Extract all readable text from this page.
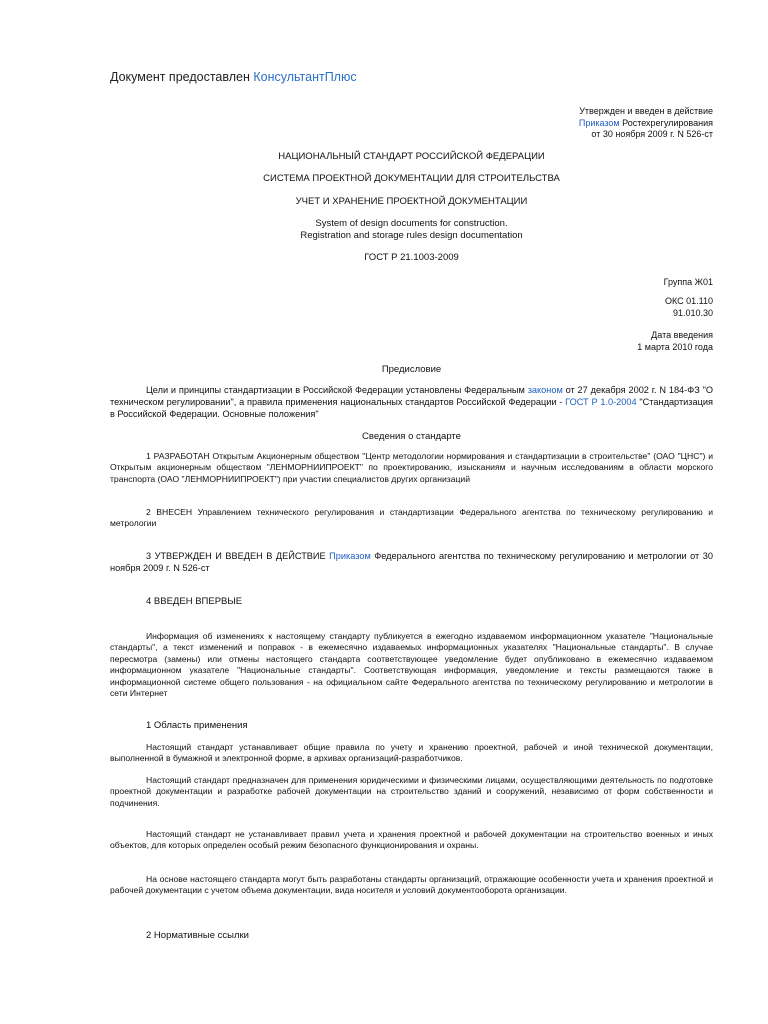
Документ предоставлен КонсультантПлюс
Утвержден и введен в действие
Приказом Ростехрегулирования
от 30 ноября 2009 г. N 526-ст
НАЦИОНАЛЬНЫЙ СТАНДАРТ РОССИЙСКОЙ ФЕДЕРАЦИИ
СИСТЕМА ПРОЕКТНОЙ ДОКУМЕНТАЦИИ ДЛЯ СТРОИТЕЛЬСТВА
УЧЕТ И ХРАНЕНИЕ ПРОЕКТНОЙ ДОКУМЕНТАЦИИ
System of design documents for construction.
Registration and storage rules design documentation
ГОСТ Р 21.1003-2009
Группа Ж01
ОКС 01.110
91.010.30
Дата введения
1 марта 2010 года
Предисловие
Цели и принципы стандартизации в Российской Федерации установлены Федеральным законом от 27 декабря 2002 г. N 184-ФЗ "О техническом регулировании", а правила применения национальных стандартов Российской Федерации - ГОСТ Р 1.0-2004 "Стандартизация в Российской Федерации. Основные положения"
Сведения о стандарте
1 РАЗРАБОТАН Открытым Акционерным обществом "Центр методологии нормирования и стандартизации в строительстве" (ОАО "ЦНС") и Открытым акционерным обществом "ЛЕНМОРНИИПРОЕКТ" по проектированию, изысканиям и научным исследованиям в области морского транспорта (ОАО "ЛЕНМОРНИИПРОЕКТ") при участии специалистов других организаций
2 ВНЕСЕН Управлением технического регулирования и стандартизации Федерального агентства по техническому регулированию и метрологии
3 УТВЕРЖДЕН И ВВЕДЕН В ДЕЙСТВИЕ Приказом Федерального агентства по техническому регулированию и метрологии от 30 ноября 2009 г. N 526-ст
4 ВВЕДЕН ВПЕРВЫЕ
Информация об изменениях к настоящему стандарту публикуется в ежегодно издаваемом информационном указателе "Национальные стандарты", а текст изменений и поправок - в ежемесячно издаваемых информационных указателях "Национальные стандарты". В случае пересмотра (замены) или отмены настоящего стандарта соответствующее уведомление будет опубликовано в ежемесячно издаваемом информационном указателе "Национальные стандарты". Соответствующая информация, уведомление и тексты размещаются также в информационной системе общего пользования - на официальном сайте Федерального агентства по техническому регулированию и метрологии в сети Интернет
1 Область применения
Настоящий стандарт устанавливает общие правила по учету и хранению проектной, рабочей и иной технической документации, выполненной в бумажной и электронной форме, в архивах организаций-разработчиков.
Настоящий стандарт предназначен для применения юридическими и физическими лицами, осуществляющими деятельность по подготовке проектной документации и разработке рабочей документации на строительство зданий и сооружений, независимо от форм собственности и подчинения.
Настоящий стандарт не устанавливает правил учета и хранения проектной и рабочей документации на строительство военных и иных объектов, для которых определен особый режим безопасного функционирования и охраны.
На основе настоящего стандарта могут быть разработаны стандарты организаций, отражающие особенности учета и хранения проектной и рабочей документации с учетом объема документации, вида носителя и условий документооборота организации.
2 Нормативные ссылки
